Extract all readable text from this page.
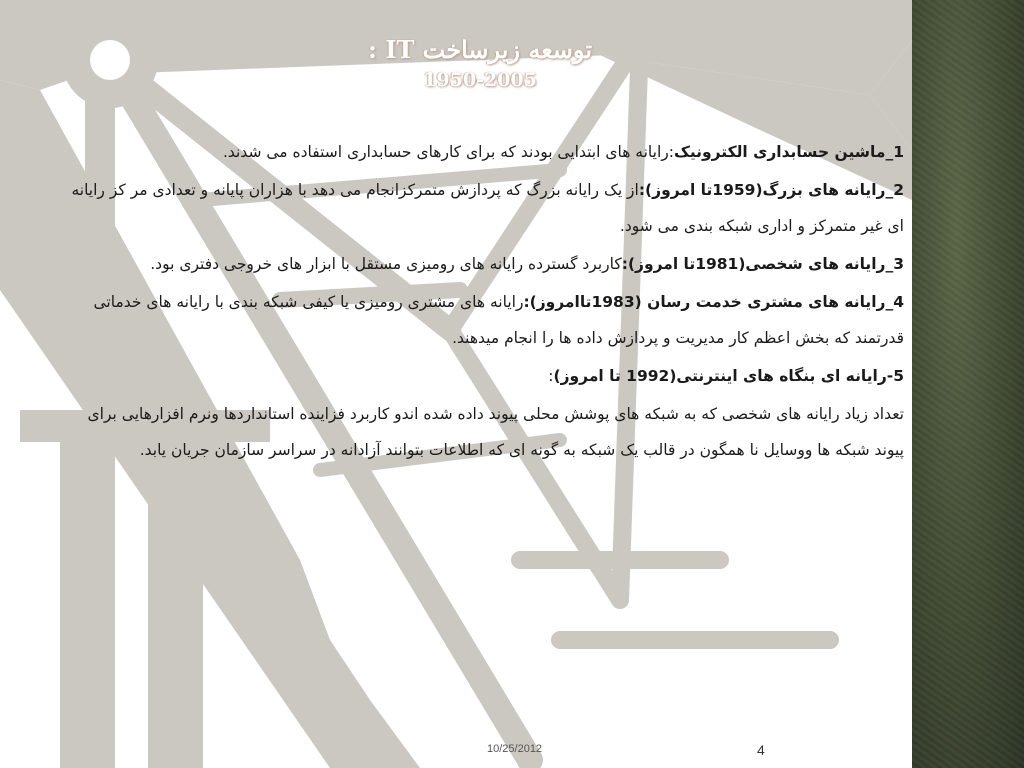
توسعه زیرساخت IT :
1950-2005

1_ماشین حسابداری الکترونیک:رایانه های ابتدایی بودند که برای کارهای حسابداری استفاده می شدند.

2_رایانه های بزرگ(1959تا امروز):از یک رایانه بزرگ که پردازش متمرکزانجام می دهد با هزاران پایانه و تعدادی مر کز رایانه ای غیر متمرکز و اداری شبکه بندی می شود.

3_رایانه های شخصی(1981تا امروز):کاربرد گسترده رایانه های رومیزی مستقل با ابزار های خروجی دفتری بود.

4_رایانه های مشتری خدمت رسان (1983تاامروز):رایانه های مشتری رومیزی یا کیفی شبکه بندی با رایانه های خدماتی قدرتمند که بخش اعظم کار مدیریت و پردازش داده ها را انجام میدهند.

5-رایانه ای بنگاه های اینترنتی(1992 تا امروز):

تعداد زیاد رایانه های شخصی که به شبکه های پوشش محلی پیوند داده شده اندو کاربرد فزاینده استانداردها ونرم افزارهایی برای پیوند شبکه ها ووسایل نا همگون در قالب یک شبکه به گونه ای که اطلاعات بتوانند آزادانه در سراسر سازمان جریان یابد.

10/25/2012	4
